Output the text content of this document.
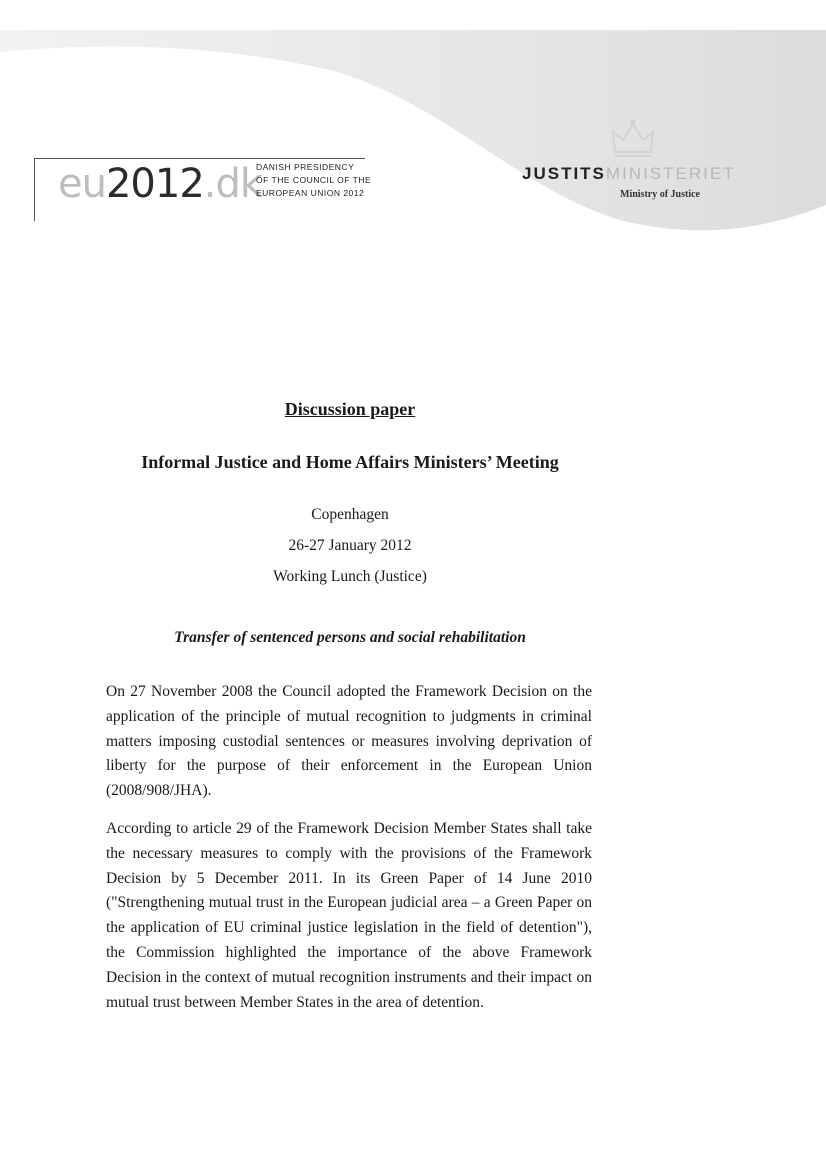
eu2012.dk
DANISH PRESIDENCY
OF THE COUNCIL OF THE
EUROPEAN UNION 2012
JUSTITSMINISTERIET
Ministry of Justice
Discussion paper
Informal Justice and Home Affairs Ministers’ Meeting
Copenhagen
26-27 January 2012
Working Lunch (Justice)
Transfer of sentenced persons and social rehabilitation

On 27 November 2008 the Council adopted the Framework Decision on the application of the principle of mutual recognition to judgments in criminal matters imposing custodial sentences or measures involving deprivation of liberty for the purpose of their enforcement in the European Union (2008/908/JHA).

According to article 29 of the Framework Decision Member States shall take the necessary measures to comply with the provisions of the Framework Decision by 5 December 2011. In its Green Paper of 14 June 2010 ("Strengthening mutual trust in the European judicial area – a Green Paper on the application of EU criminal justice legislation in the field of detention"), the Commission highlighted the importance of the above Framework Decision in the context of mutual recognition instruments and their impact on mutual trust between Member States in the area of detention.
